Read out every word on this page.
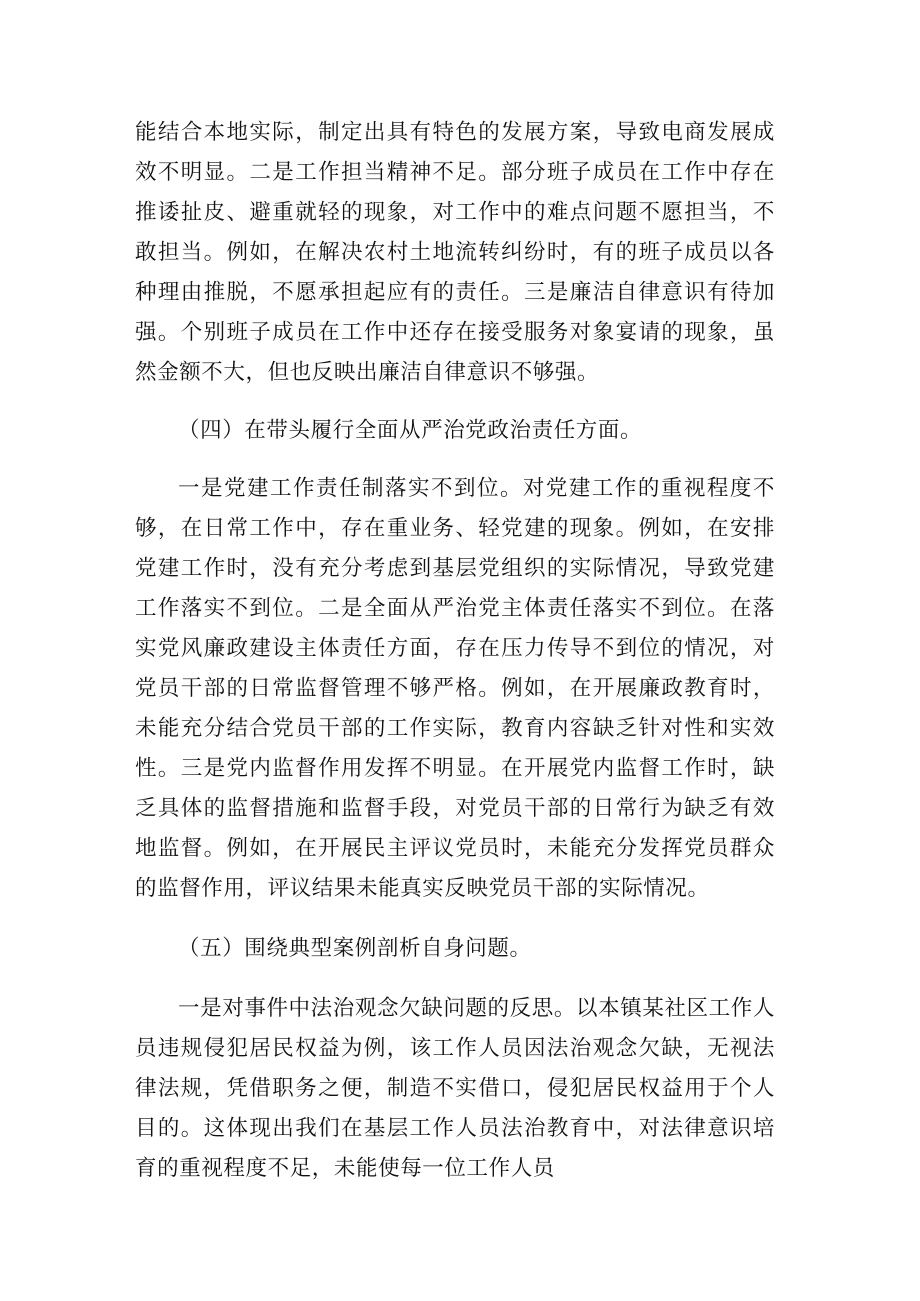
能结合本地实际，制定出具有特色的发展方案，导致电商发展成效不明显。二是工作担当精神不足。部分班子成员在工作中存在推诿扯皮、避重就轻的现象，对工作中的难点问题不愿担当，不敢担当。例如，在解决农村土地流转纠纷时，有的班子成员以各种理由推脱，不愿承担起应有的责任。三是廉洁自律意识有待加强。个别班子成员在工作中还存在接受服务对象宴请的现象，虽然金额不大，但也反映出廉洁自律意识不够强。

（四）在带头履行全面从严治党政治责任方面。

一是党建工作责任制落实不到位。对党建工作的重视程度不够，在日常工作中，存在重业务、轻党建的现象。例如，在安排党建工作时，没有充分考虑到基层党组织的实际情况，导致党建工作落实不到位。二是全面从严治党主体责任落实不到位。在落实党风廉政建设主体责任方面，存在压力传导不到位的情况，对党员干部的日常监督管理不够严格。例如，在开展廉政教育时，未能充分结合党员干部的工作实际，教育内容缺乏针对性和实效性。三是党内监督作用发挥不明显。在开展党内监督工作时，缺乏具体的监督措施和监督手段，对党员干部的日常行为缺乏有效地监督。例如，在开展民主评议党员时，未能充分发挥党员群众的监督作用，评议结果未能真实反映党员干部的实际情况。

（五）围绕典型案例剖析自身问题。

一是对事件中法治观念欠缺问题的反思。以本镇某社区工作人员违规侵犯居民权益为例，该工作人员因法治观念欠缺，无视法律法规，凭借职务之便，制造不实借口，侵犯居民权益用于个人目的。这体现出我们在基层工作人员法治教育中，对法律意识培育的重视程度不足，未能使每一位工作人员
